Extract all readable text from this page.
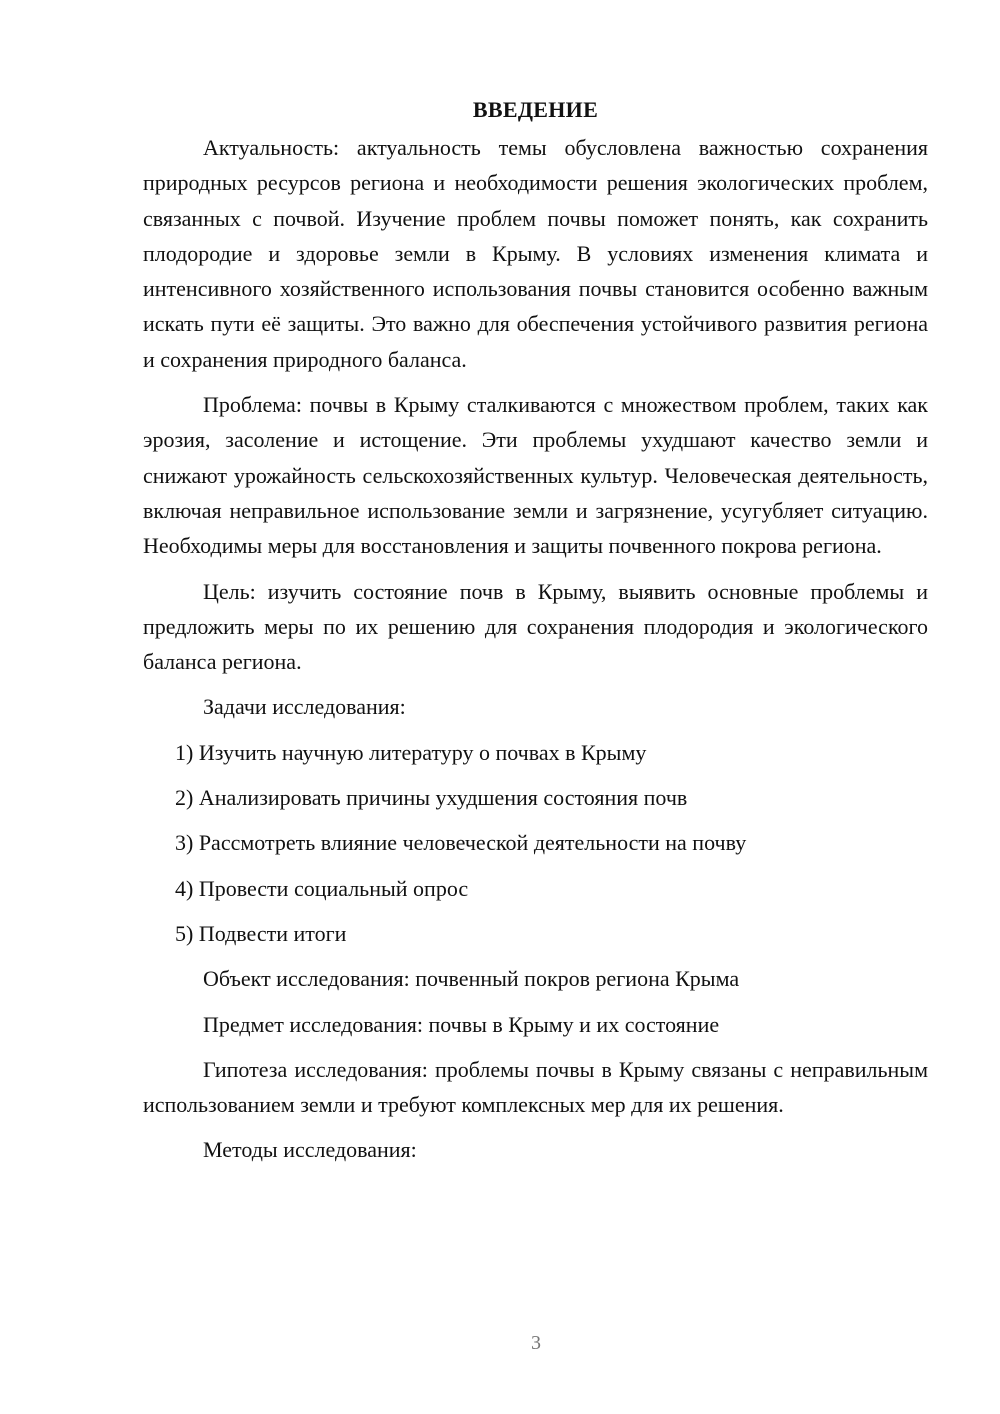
ВВЕДЕНИЕ

Актуальность: актуальность темы обусловлена важностью сохранения природных ресурсов региона и необходимости решения экологических проблем, связанных с почвой. Изучение проблем почвы поможет понять, как сохранить плодородие и здоровье земли в Крыму. В условиях изменения климата и интенсивного хозяйственного использования почвы становится особенно важным искать пути её защиты. Это важно для обеспечения устойчивого развития региона и сохранения природного баланса.

Проблема: почвы в Крыму сталкиваются с множеством проблем, таких как эрозия, засоление и истощение. Эти проблемы ухудшают качество земли и снижают урожайность сельскохозяйственных культур. Человеческая деятельность, включая неправильное использование земли и загрязнение, усугубляет ситуацию. Необходимы меры для восстановления и защиты почвенного покрова региона.

Цель: изучить состояние почв в Крыму, выявить основные проблемы и предложить меры по их решению для сохранения плодородия и экологического баланса региона.

Задачи исследования:

1) Изучить научную литературу о почвах в Крыму

2) Анализировать причины ухудшения состояния почв

3) Рассмотреть влияние человеческой деятельности на почву

4) Провести социальный опрос

5) Подвести итоги

Объект исследования: почвенный покров региона Крыма

Предмет исследования: почвы в Крыму и их состояние

Гипотеза исследования: проблемы почвы в Крыму связаны с неправильным использованием земли и требуют комплексных мер для их решения.

Методы исследования:

3
